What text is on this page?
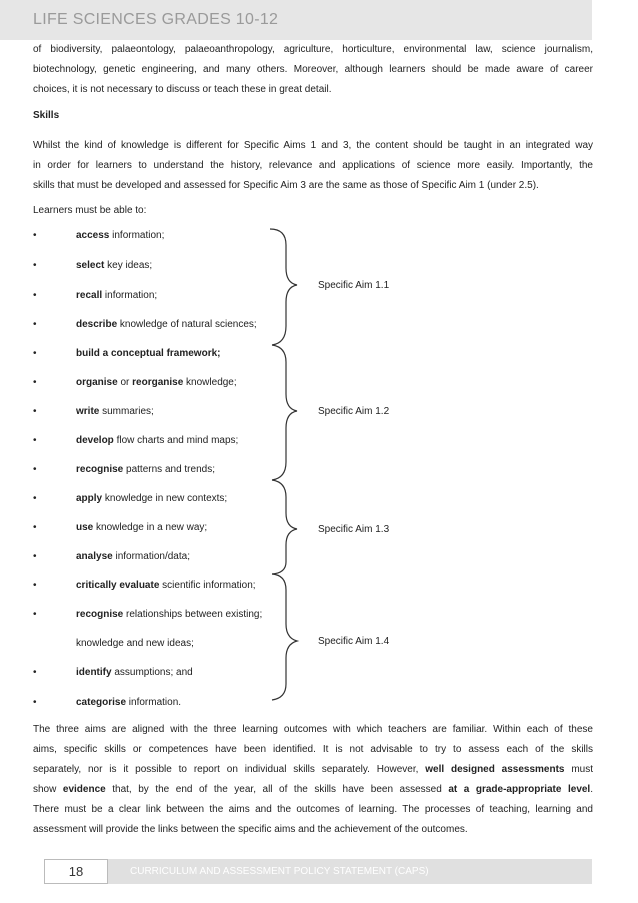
LIFE SCIENCES GRADES 10-12
of biodiversity, palaeontology, palaeoanthropology, agriculture, horticulture, environmental law, science journalism,
biotechnology, genetic engineering, and many others. Moreover, although learners should be made aware of career
choices, it is not necessary to discuss or teach these in great detail.
Skills
Whilst the kind of knowledge is different for Specific Aims 1 and 3, the content should be taught in an integrated way
in order for learners to understand the history, relevance and applications of science more easily. Importantly, the
skills that must be developed and assessed for Specific Aim 3 are the same as those of Specific Aim 1 (under 2.5).
Learners must be able to:
•	access information;
•	select key ideas;
•	recall information;
•	describe knowledge of natural sciences;
•	build a conceptual framework;
•	organise or reorganise knowledge;
•	write summaries;
•	develop flow charts and mind maps;
•	recognise patterns and trends;
•	apply knowledge in new contexts;
•	use knowledge in a new way;
•	analyse information/data;
•	critically evaluate scientific information;
•	recognise relationships between existing;
knowledge and new ideas;
•	identify assumptions; and
•	categorise information.
Specific Aim 1.1
Specific Aim 1.2
Specific Aim 1.3
Specific Aim 1.4
The three aims are aligned with the three learning outcomes with which teachers are familiar. Within each of these
aims, specific skills or competences have been identified. It is not advisable to try to assess each of the skills
separately, nor is it possible to report on individual skills separately. However, well designed assessments must
show evidence that, by the end of the year, all of the skills have been assessed at a grade-appropriate level.
There must be a clear link between the aims and the outcomes of learning. The processes of teaching, learning and
assessment will provide the links between the specific aims and the achievement of the outcomes.
18	CURRICULUM AND ASSESSMENT POLICY STATEMENT (CAPS)
